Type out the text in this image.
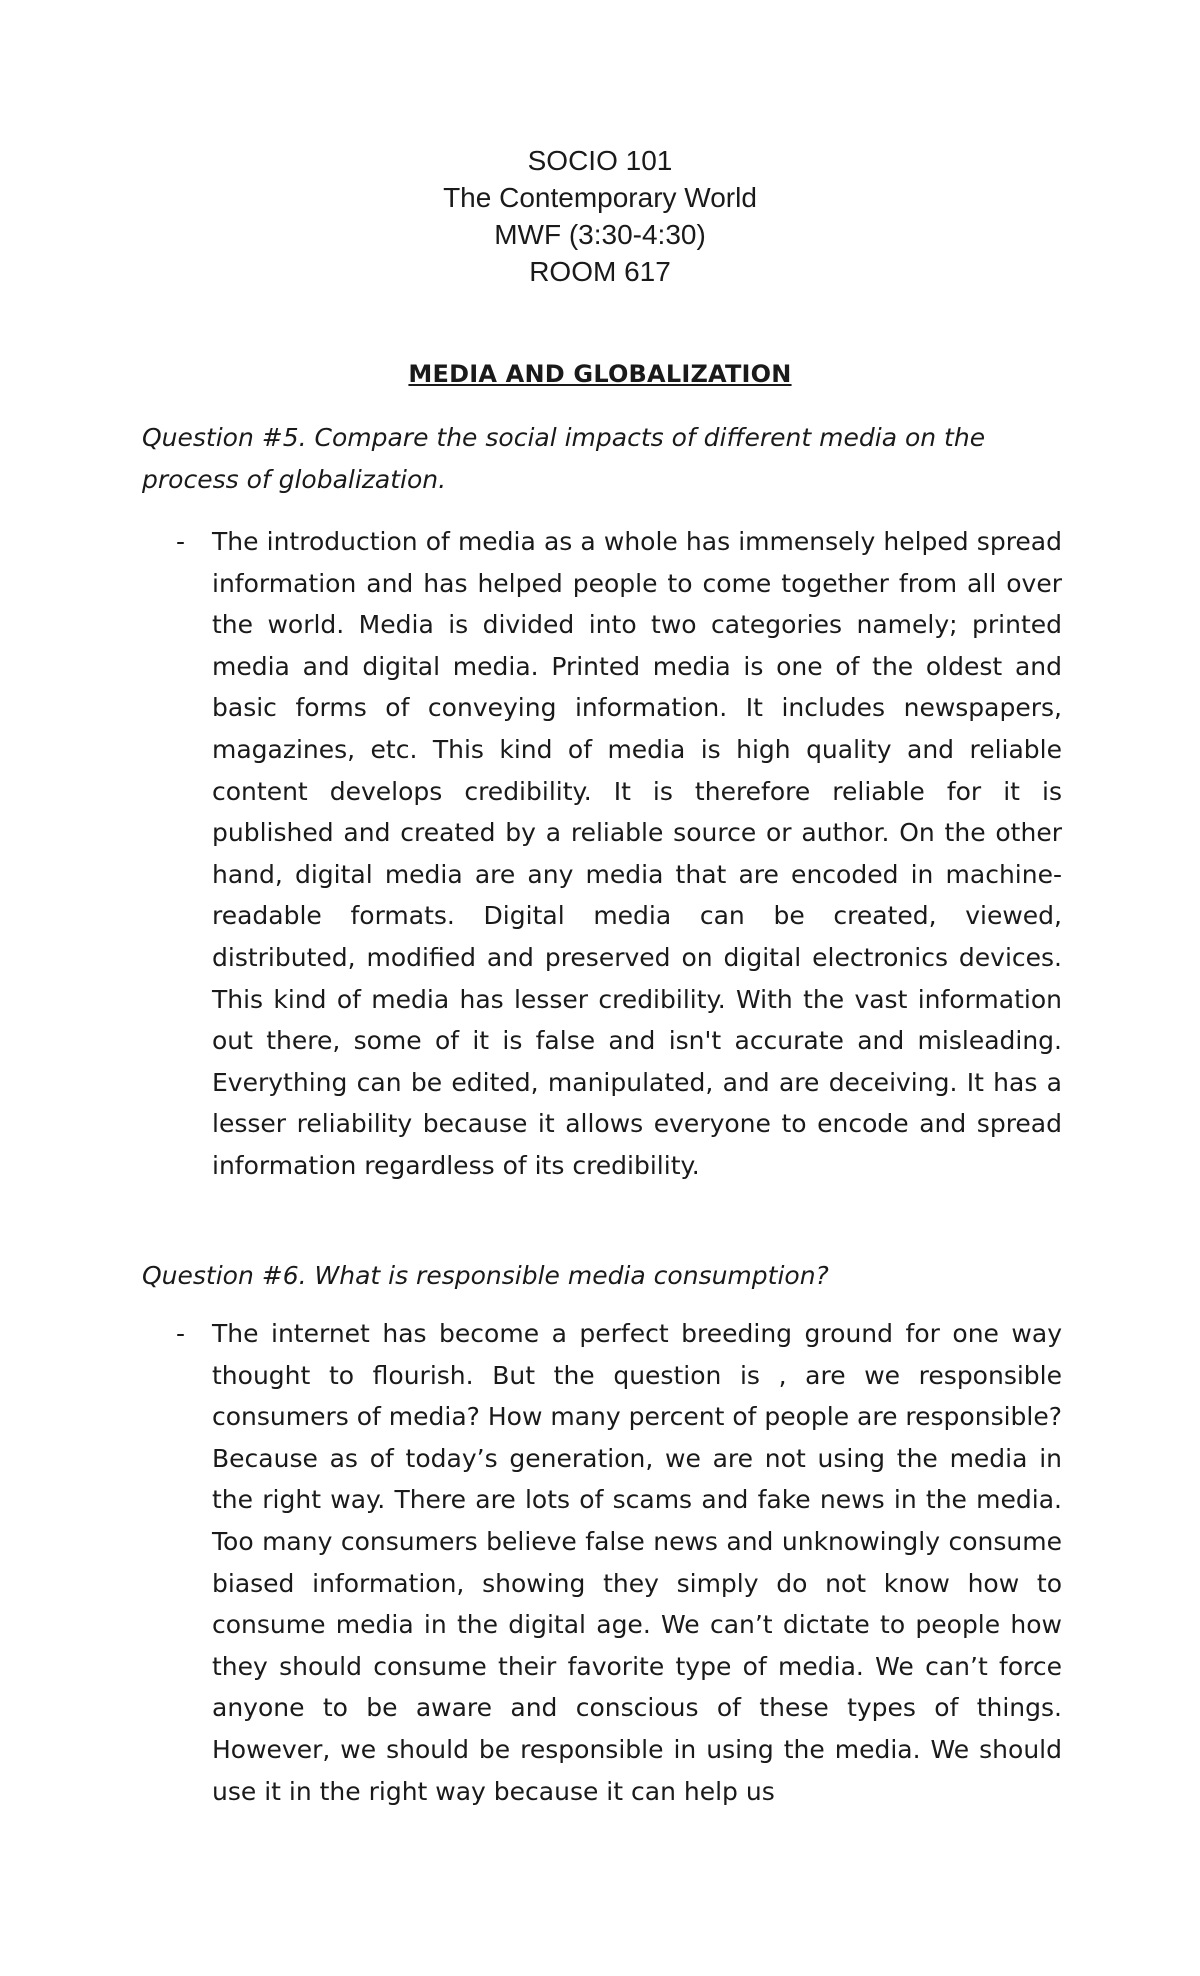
SOCIO 101
The Contemporary World
MWF (3:30-4:30)
ROOM 617
MEDIA AND GLOBALIZATION
Question #5. Compare the social impacts of different media on the process of globalization.
- The introduction of media as a whole has immensely helped spread information and has helped people to come together from all over the world. Media is divided into two categories namely; printed media and digital media. Printed media is one of the oldest and basic forms of conveying information. It includes newspapers, magazines, etc. This kind of media is high quality and reliable content develops credibility. It is therefore reliable for it is published and created by a reliable source or author. On the other hand, digital media are any media that are encoded in machine-readable formats. Digital media can be created, viewed, distributed, modified and preserved on digital electronics devices. This kind of media has lesser credibility. With the vast information out there, some of it is false and isn't accurate and misleading. Everything can be edited, manipulated, and are deceiving. It has a lesser reliability because it allows everyone to encode and spread information regardless of its credibility.

Question #6. What is responsible media consumption?
- The internet has become a perfect breeding ground for one way thought to flourish. But the question is , are we responsible consumers of media? How many percent of people are responsible? Because as of today’s generation, we are not using the media in the right way. There are lots of scams and fake news in the media. Too many consumers believe false news and unknowingly consume biased information, showing they simply do not know how to consume media in the digital age. We can’t dictate to people how they should consume their favorite type of media. We can’t force anyone to be aware and conscious of these types of things. However, we should be responsible in using the media. We should use it in the right way because it can help us
